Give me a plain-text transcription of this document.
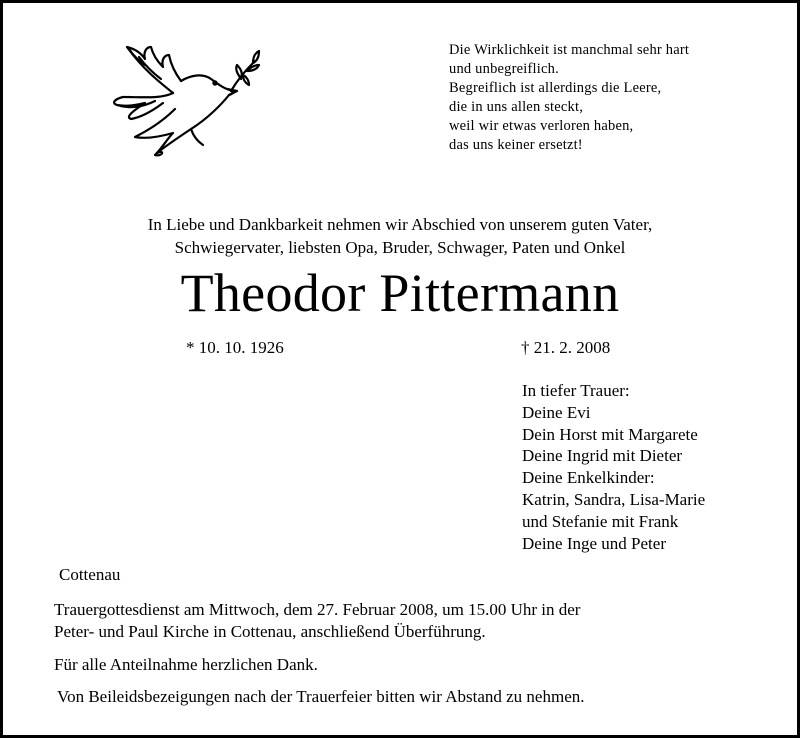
Die Wirklichkeit ist manchmal sehr hart
und unbegreiflich.
Begreiflich ist allerdings die Leere,
die in uns allen steckt,
weil wir etwas verloren haben,
das uns keiner ersetzt!
In Liebe und Dankbarkeit nehmen wir Abschied von unserem guten Vater,
Schwiegervater, liebsten Opa, Bruder, Schwager, Paten und Onkel
Theodor Pittermann
* 10. 10. 1926	† 21. 2. 2008
In tiefer Trauer:
Deine Evi
Dein Horst mit Margarete
Deine Ingrid mit Dieter
Deine Enkelkinder:
Katrin, Sandra, Lisa-Marie
und Stefanie mit Frank
Deine Inge und Peter
Cottenau
Trauergottesdienst am Mittwoch, dem 27. Februar 2008, um 15.00 Uhr in der
Peter- und Paul Kirche in Cottenau, anschließend Überführung.
Für alle Anteilnahme herzlichen Dank.
Von Beileidsbezeigungen nach der Trauerfeier bitten wir Abstand zu nehmen.
